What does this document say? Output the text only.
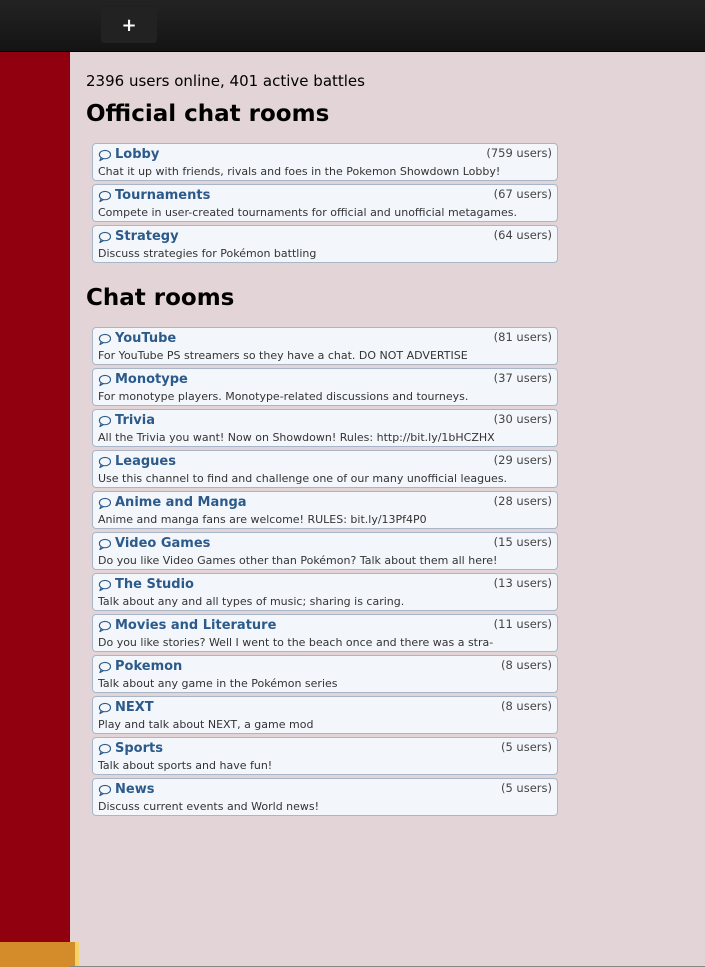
+
2396 users online, 401 active battles
Official chat rooms
Lobby	(759 users)
Chat it up with friends, rivals and foes in the Pokemon Showdown Lobby!
Tournaments	(67 users)
Compete in user-created tournaments for official and unofficial metagames.
Strategy	(64 users)
Discuss strategies for Pokémon battling
Chat rooms
YouTube	(81 users)
For YouTube PS streamers so they have a chat. DO NOT ADVERTISE
Monotype	(37 users)
For monotype players. Monotype-related discussions and tourneys.
Trivia	(30 users)
All the Trivia you want! Now on Showdown! Rules: http://bit.ly/1bHCZHX
Leagues	(29 users)
Use this channel to find and challenge one of our many unofficial leagues.
Anime and Manga	(28 users)
Anime and manga fans are welcome! RULES: bit.ly/13Pf4P0
Video Games	(15 users)
Do you like Video Games other than Pokémon? Talk about them all here!
The Studio	(13 users)
Talk about any and all types of music; sharing is caring.
Movies and Literature	(11 users)
Do you like stories? Well I went to the beach once and there was a stra-
Pokemon	(8 users)
Talk about any game in the Pokémon series
NEXT	(8 users)
Play and talk about NEXT, a game mod
Sports	(5 users)
Talk about sports and have fun!
News	(5 users)
Discuss current events and World news!
